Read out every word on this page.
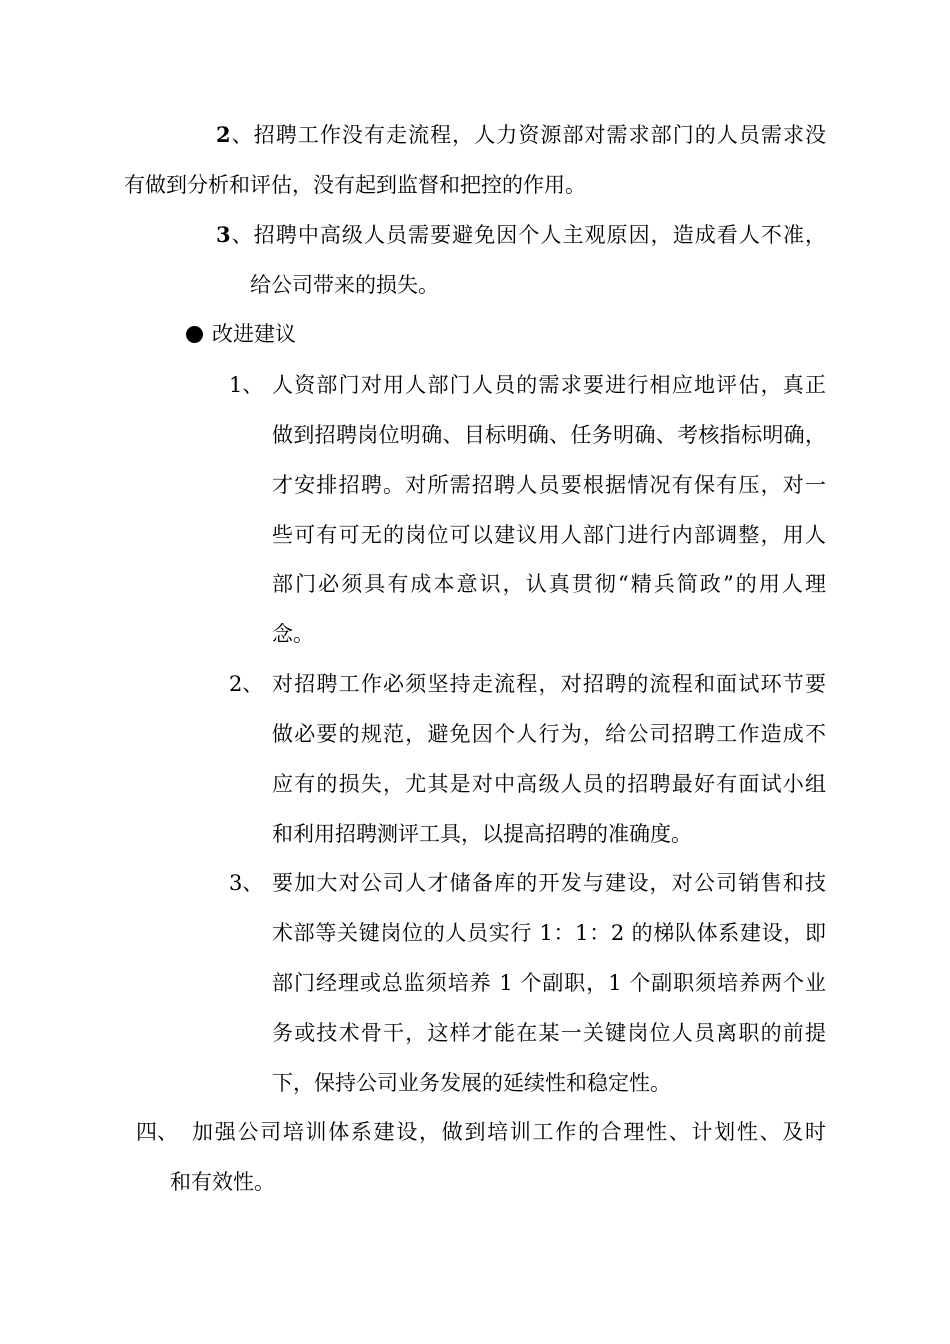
2、招聘工作没有走流程，人力资源部对需求部门的人员需求没
有做到分析和评估，没有起到监督和把控的作用。
3、招聘中高级人员需要避免因个人主观原因，造成看人不准，
给公司带来的损失。
改进建议
1、 人资部门对用人部门人员的需求要进行相应地评估，真正
做到招聘岗位明确、目标明确、任务明确、考核指标明确，
才安排招聘。对所需招聘人员要根据情况有保有压，对一
些可有可无的岗位可以建议用人部门进行内部调整，用人
部门必须具有成本意识，认真贯彻“精兵简政”的用人理
念。
2、 对招聘工作必须坚持走流程，对招聘的流程和面试环节要
做必要的规范，避免因个人行为，给公司招聘工作造成不
应有的损失，尤其是对中高级人员的招聘最好有面试小组
和利用招聘测评工具，以提高招聘的准确度。
3、 要加大对公司人才储备库的开发与建设，对公司销售和技
术部等关键岗位的人员实行 1：1：2 的梯队体系建设，即
部门经理或总监须培养 1 个副职，1 个副职须培养两个业
务或技术骨干，这样才能在某一关键岗位人员离职的前提
下，保持公司业务发展的延续性和稳定性。
四、 加强公司培训体系建设，做到培训工作的合理性、计划性、及时
和有效性。
